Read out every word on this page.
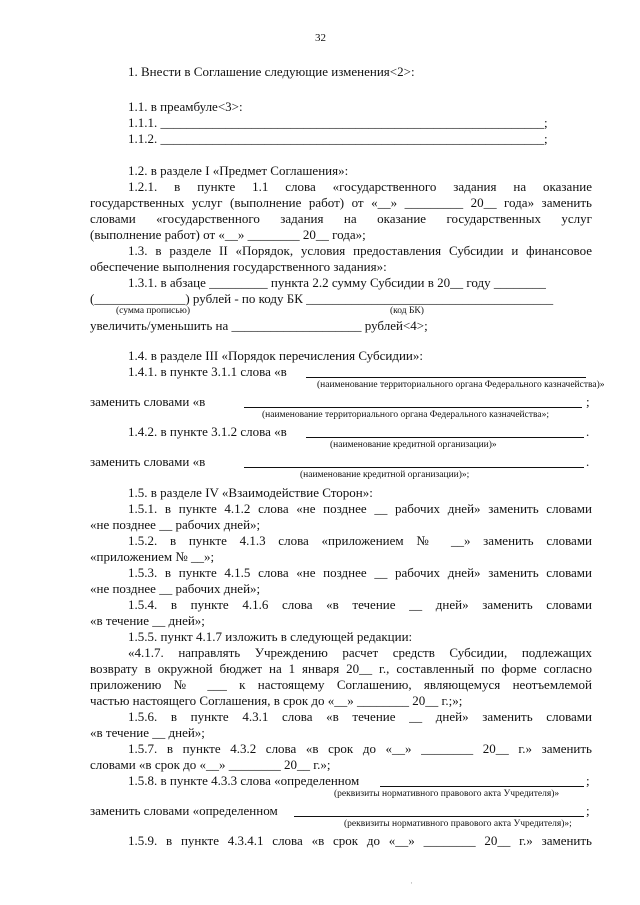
32
1. Внести в Соглашение следующие изменения<2>:
1.1. в преамбуле<3>:
1.1.1. ___________________________________________________________;
1.1.2. ___________________________________________________________;
1.2. в разделе I «Предмет Соглашения»:
1.2.1. в пункте 1.1 слова «государственного задания на оказание
государственных услуг (выполнение работ) от «__» _________ 20__ года» заменить
словами «государственного задания на оказание государственных услуг
(выполнение работ) от «__» ________ 20__ года»;
1.3. в разделе II «Порядок, условия предоставления Субсидии и финансовое
обеспечение выполнения государственного задания»:
1.3.1. в абзаце _________ пункта 2.2 сумму Субсидии в 20__ году ________
(______________) рублей - по коду БК ______________________________________
(сумма прописью)	(код БК)
увеличить/уменьшить на ____________________ рублей<4>;
1.4. в разделе III «Порядок перечисления Субсидии»:
1.4.1. в пункте 3.1.1 слова «в
(наименование территориального органа Федерального казначейства)»
заменить словами «в	;
(наименование территориального органа Федерального казначейства»;
1.4.2. в пункте 3.1.2 слова «в	.
(наименование кредитной организации)»
заменить словами «в	.
(наименование кредитной организации)»;
1.5. в разделе IV «Взаимодействие Сторон»:
1.5.1. в пункте 4.1.2 слова «не позднее __ рабочих дней» заменить словами
«не позднее __ рабочих дней»;
1.5.2. в пункте 4.1.3 слова «приложением № __» заменить словами
«приложением № __»;
1.5.3. в пункте 4.1.5 слова «не позднее __ рабочих дней» заменить словами
«не позднее __ рабочих дней»;
1.5.4. в пункте 4.1.6 слова «в течение __ дней» заменить словами
«в течение __ дней»;
1.5.5. пункт 4.1.7 изложить в следующей редакции:
«4.1.7. направлять Учреждению расчет средств Субсидии, подлежащих
возврату в окружной бюджет на 1 января 20__ г., составленный по форме согласно
приложению № ___ к настоящему Соглашению, являющемуся неотъемлемой
частью настоящего Соглашения, в срок до «__» ________ 20__ г.;»;
1.5.6. в пункте 4.3.1 слова «в течение __ дней» заменить словами
«в течение __ дней»;
1.5.7. в пункте 4.3.2 слова «в срок до «__» ________ 20__ г.» заменить
словами «в срок до «__» ________ 20__ г.»;
1.5.8. в пункте 4.3.3 слова «определенном	;
(реквизиты нормативного правового акта Учредителя)»
заменить словами «определенном	;
(реквизиты нормативного правового акта Учредителя)»;
1.5.9. в пункте 4.3.4.1 слова «в срок до «__» ________ 20__ г.» заменить
·
